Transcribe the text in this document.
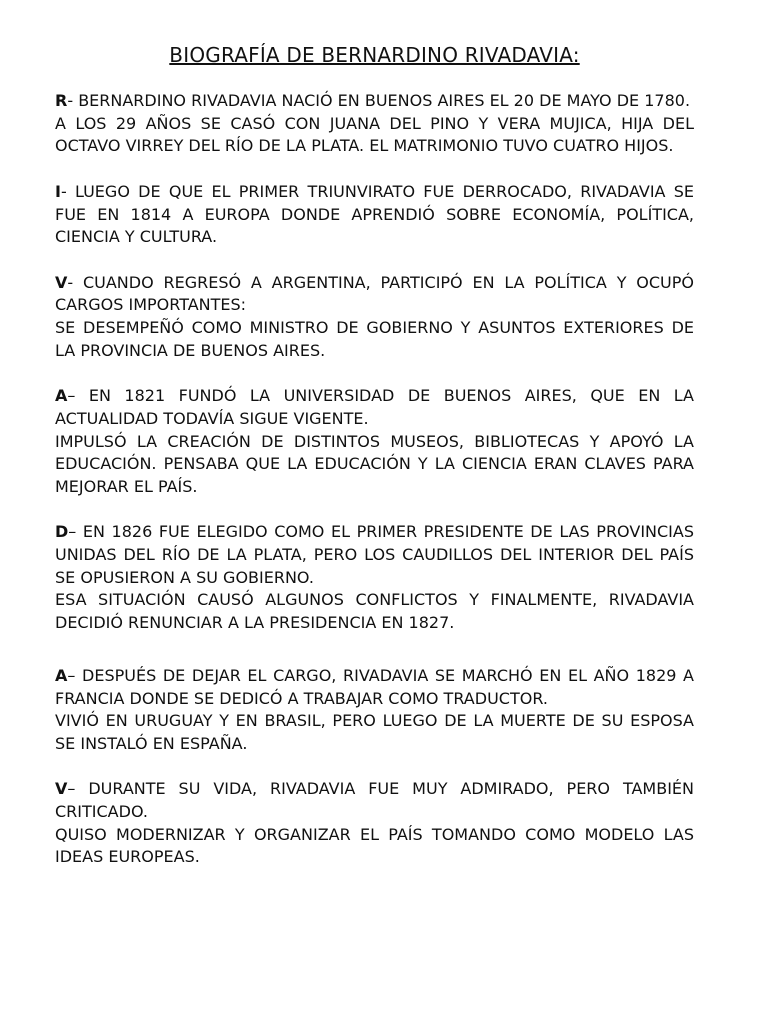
BIOGRAFÍA DE BERNARDINO RIVADAVIA:

R- BERNARDINO RIVADAVIA NACIÓ EN BUENOS AIRES EL 20 DE MAYO DE 1780.

A LOS 29 AÑOS SE CASÓ CON JUANA DEL PINO Y VERA MUJICA, HIJA DEL OCTAVO VIRREY DEL RÍO DE LA PLATA. EL MATRIMONIO TUVO CUATRO HIJOS.

I- LUEGO DE QUE EL PRIMER TRIUNVIRATO FUE DERROCADO, RIVADAVIA SE FUE EN 1814 A EUROPA DONDE APRENDIÓ SOBRE ECONOMÍA, POLÍTICA, CIENCIA Y CULTURA.

V- CUANDO REGRESÓ A ARGENTINA, PARTICIPÓ EN LA POLÍTICA Y OCUPÓ CARGOS IMPORTANTES:

SE DESEMPEÑÓ COMO MINISTRO DE GOBIERNO Y ASUNTOS EXTERIORES DE LA PROVINCIA DE BUENOS AIRES.

A– EN 1821 FUNDÓ LA UNIVERSIDAD DE BUENOS AIRES, QUE EN LA ACTUALIDAD TODAVÍA SIGUE VIGENTE.

IMPULSÓ LA CREACIÓN DE DISTINTOS MUSEOS, BIBLIOTECAS Y APOYÓ LA EDUCACIÓN. PENSABA QUE LA EDUCACIÓN Y LA CIENCIA ERAN CLAVES PARA MEJORAR EL PAÍS.

D– EN 1826 FUE ELEGIDO COMO EL PRIMER PRESIDENTE DE LAS PROVINCIAS UNIDAS DEL RÍO DE LA PLATA, PERO LOS CAUDILLOS DEL INTERIOR DEL PAÍS SE OPUSIERON A SU GOBIERNO.

ESA SITUACIÓN CAUSÓ ALGUNOS CONFLICTOS Y FINALMENTE, RIVADAVIA DECIDIÓ RENUNCIAR A LA PRESIDENCIA EN 1827.

A– DESPUÉS DE DEJAR EL CARGO, RIVADAVIA SE MARCHÓ EN EL AÑO 1829 A FRANCIA DONDE SE DEDICÓ A TRABAJAR COMO TRADUCTOR.

VIVIÓ EN URUGUAY Y EN BRASIL, PERO LUEGO DE LA MUERTE DE SU ESPOSA SE INSTALÓ EN ESPAÑA.

V– DURANTE SU VIDA, RIVADAVIA FUE MUY ADMIRADO, PERO TAMBIÉN CRITICADO.

QUISO MODERNIZAR Y ORGANIZAR EL PAÍS TOMANDO COMO MODELO LAS IDEAS EUROPEAS.
